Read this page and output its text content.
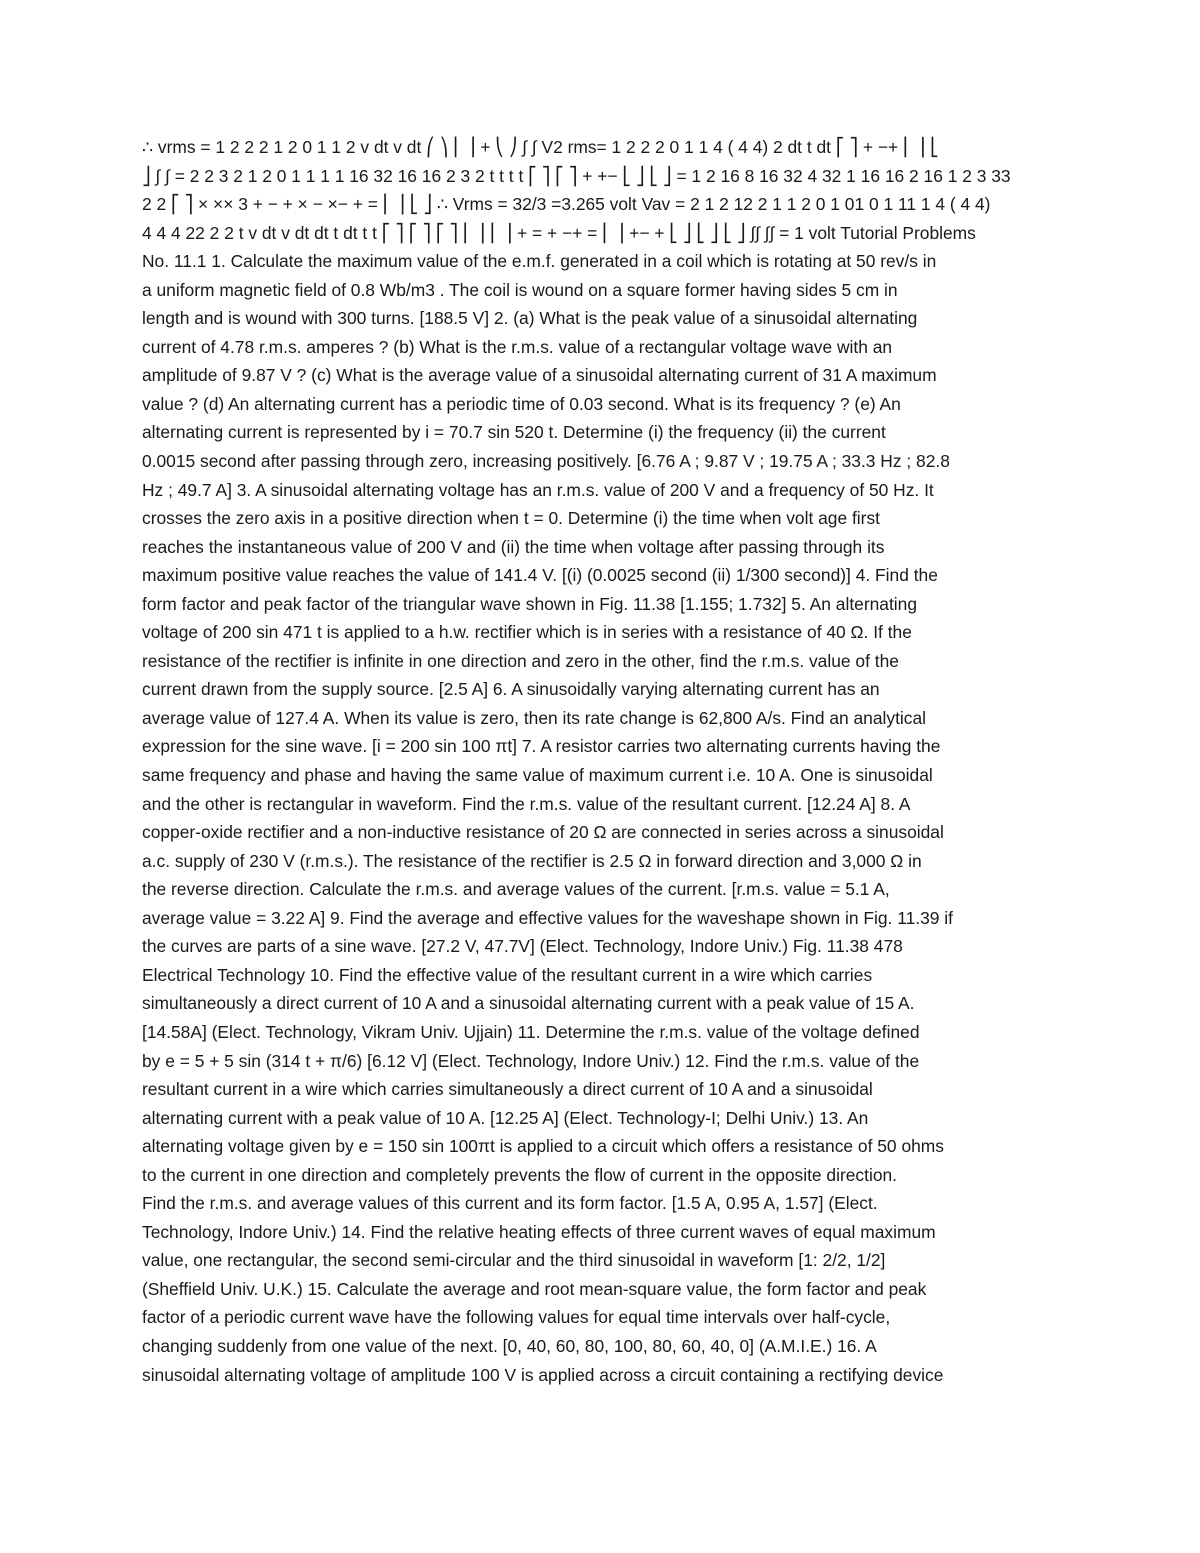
∴ vrms = 1 2 2 2 1 2 0 1 1 2 v dt v dt ⎛ ⎞ ⎜ ⎟ + ⎝ ⎠ ∫ ∫ V2 rms= 1 2 2 2 0 1 1 4 ( 4 4) 2 dt t dt ⎡ ⎤ + −+ ⎢ ⎥ ⎣
⎦ ∫ ∫ = 2 2 3 2 1 2 0 1 1 1 1 16 32 16 16 2 3 2 t t t t ⎡ ⎤ ⎡ ⎤ + +− ⎣ ⎦ ⎣ ⎦ = 1 2 16 8 16 32 4 32 1 16 16 2 16 1 2 3 33
2 2 ⎡ ⎤ × ×× 3 + − + × − ×− + = ⎢ ⎥ ⎣ ⎦ ∴ Vrms = 32/3 =3.265 volt Vav = 2 1 2 12 2 1 1 2 0 1 01 0 1 11 1 4 ( 4 4)
4 4 4 22 2 2 t v dt v dt dt t dt t t ⎡ ⎤ ⎡ ⎤ ⎡ ⎤ ⎢ ⎥ ⎢ ⎥ + = + −+ = ⎢ ⎥ +− + ⎣ ⎦ ⎣ ⎦ ⎣ ⎦ ∫∫ ∫∫ = 1 volt Tutorial Problems
No. 11.1 1. Calculate the maximum value of the e.m.f. generated in a coil which is rotating at 50 rev/s in
a uniform magnetic field of 0.8 Wb/m3 . The coil is wound on a square former having sides 5 cm in
length and is wound with 300 turns. [188.5 V] 2. (a) What is the peak value of a sinusoidal alternating
current of 4.78 r.m.s. amperes ? (b) What is the r.m.s. value of a rectangular voltage wave with an
amplitude of 9.87 V ? (c) What is the average value of a sinusoidal alternating current of 31 A maximum
value ? (d) An alternating current has a periodic time of 0.03 second. What is its frequency ? (e) An
alternating current is represented by i = 70.7 sin 520 t. Determine (i) the frequency (ii) the current
0.0015 second after passing through zero, increasing positively. [6.76 A ; 9.87 V ; 19.75 A ; 33.3 Hz ; 82.8
Hz ; 49.7 A] 3. A sinusoidal alternating voltage has an r.m.s. value of 200 V and a frequency of 50 Hz. It
crosses the zero axis in a positive direction when t = 0. Determine (i) the time when volt age first
reaches the instantaneous value of 200 V and (ii) the time when voltage after passing through its
maximum positive value reaches the value of 141.4 V. [(i) (0.0025 second (ii) 1/300 second)] 4. Find the
form factor and peak factor of the triangular wave shown in Fig. 11.38 [1.155; 1.732] 5. An alternating
voltage of 200 sin 471 t is applied to a h.w. rectifier which is in series with a resistance of 40 Ω. If the
resistance of the rectifier is infinite in one direction and zero in the other, find the r.m.s. value of the
current drawn from the supply source. [2.5 A] 6. A sinusoidally varying alternating current has an
average value of 127.4 A. When its value is zero, then its rate change is 62,800 A/s. Find an analytical
expression for the sine wave. [i = 200 sin 100 πt] 7. A resistor carries two alternating currents having the
same frequency and phase and having the same value of maximum current i.e. 10 A. One is sinusoidal
and the other is rectangular in waveform. Find the r.m.s. value of the resultant current. [12.24 A] 8. A
copper-oxide rectifier and a non-inductive resistance of 20 Ω are connected in series across a sinusoidal
a.c. supply of 230 V (r.m.s.). The resistance of the rectifier is 2.5 Ω in forward direction and 3,000 Ω in
the reverse direction. Calculate the r.m.s. and average values of the current. [r.m.s. value = 5.1 A,
average value = 3.22 A] 9. Find the average and effective values for the waveshape shown in Fig. 11.39 if
the curves are parts of a sine wave. [27.2 V, 47.7V] (Elect. Technology, Indore Univ.) Fig. 11.38 478
Electrical Technology 10. Find the effective value of the resultant current in a wire which carries
simultaneously a direct current of 10 A and a sinusoidal alternating current with a peak value of 15 A.
[14.58A] (Elect. Technology, Vikram Univ. Ujjain) 11. Determine the r.m.s. value of the voltage defined
by e = 5 + 5 sin (314 t + π/6) [6.12 V] (Elect. Technology, Indore Univ.) 12. Find the r.m.s. value of the
resultant current in a wire which carries simultaneously a direct current of 10 A and a sinusoidal
alternating current with a peak value of 10 A. [12.25 A] (Elect. Technology-I; Delhi Univ.) 13. An
alternating voltage given by e = 150 sin 100πt is applied to a circuit which offers a resistance of 50 ohms
to the current in one direction and completely prevents the flow of current in the opposite direction.
Find the r.m.s. and average values of this current and its form factor. [1.5 A, 0.95 A, 1.57] (Elect.
Technology, Indore Univ.) 14. Find the relative heating effects of three current waves of equal maximum
value, one rectangular, the second semi-circular and the third sinusoidal in waveform [1: 2/2, 1/2]
(Sheffield Univ. U.K.) 15. Calculate the average and root mean-square value, the form factor and peak
factor of a periodic current wave have the following values for equal time intervals over half-cycle,
changing suddenly from one value of the next. [0, 40, 60, 80, 100, 80, 60, 40, 0] (A.M.I.E.) 16. A
sinusoidal alternating voltage of amplitude 100 V is applied across a circuit containing a rectifying device
